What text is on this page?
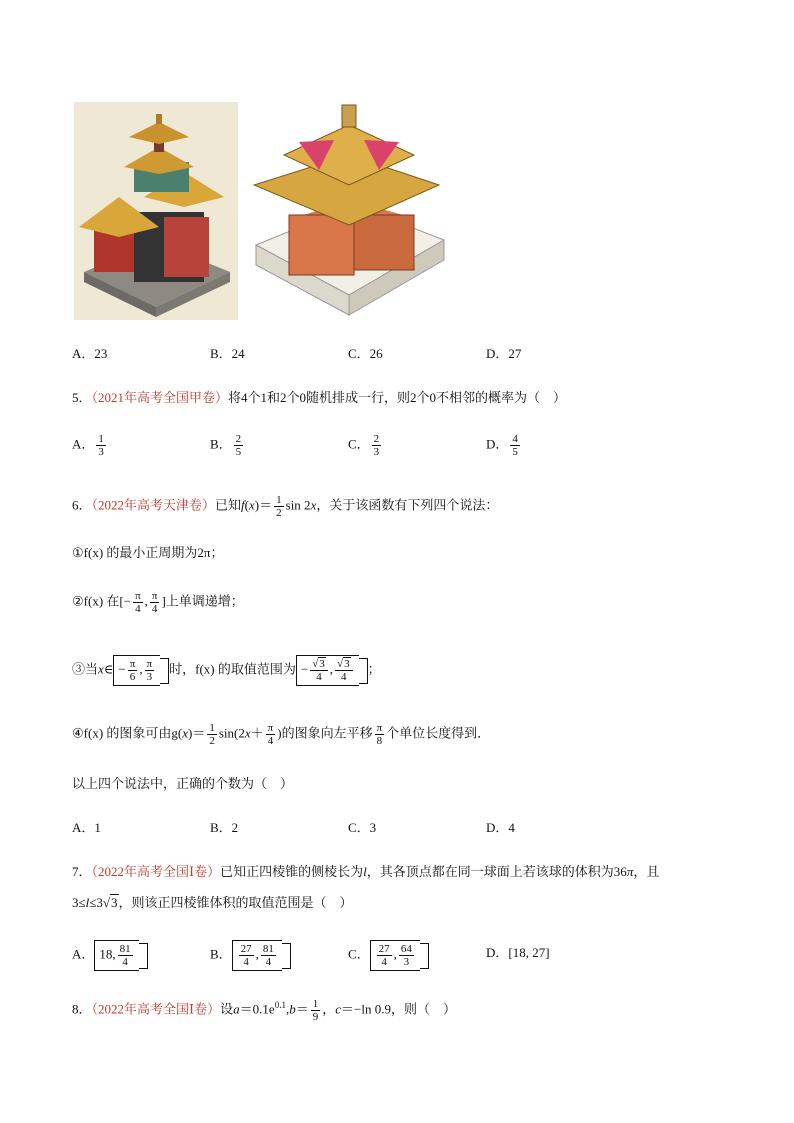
A．23	B．24	C．26	D．27
5．（2021年高考全国甲卷）将4个1和2个0随机排成一行，则2个0不相邻的概率为（　）
A． $\frac{1}{3}$	B． $\frac{2}{5}$	C． $\frac{2}{3}$	D． $\frac{4}{5}$
6．（2022年高考天津卷）已知$f(x)= \frac{1}{2}$ sin 2x，关于该函数有下列四个说法：
①f(x) 的最小正周期为2π；
②f(x) 在[− $\frac{\pi}{4}$ , $\frac{\pi}{4}$ ]上单调递增；
③当x∈ − $\frac{\pi}{6}$ , $\frac{\pi}{3}$ 时，f(x) 的取值范围为 − $\frac{√3}{4}$ , $\frac{√3}{4}$ ；
④f(x) 的图象可由$g(x)= \frac{1}{2} \sin(2x+ \frac{\pi}{4}$ )的图象向左平移 $\frac{\pi}{8}$ 个单位长度得到．
以上四个说法中，正确的个数为（　）
A．1	B．2	C．3	D．4
7．（2022年高考全国Ⅰ卷）已知正四棱锥的侧棱长为l，其各顶点都在同一球面上若该球的体积为36π，且
3≤l≤3√3，则该正四棱锥体积的取值范围是（　）
A． 18, $\frac{81}{4}$	B． $\frac{27}{4}$ , $\frac{81}{4}$	C． $\frac{27}{4}$ , $\frac{64}{3}$	D．[18, 27]
8．（2022年高考全国Ⅰ卷）设$a=0.1e^{0.1},b= \frac{1}{9}$ ，c＝−ln 0.9，则（　）
